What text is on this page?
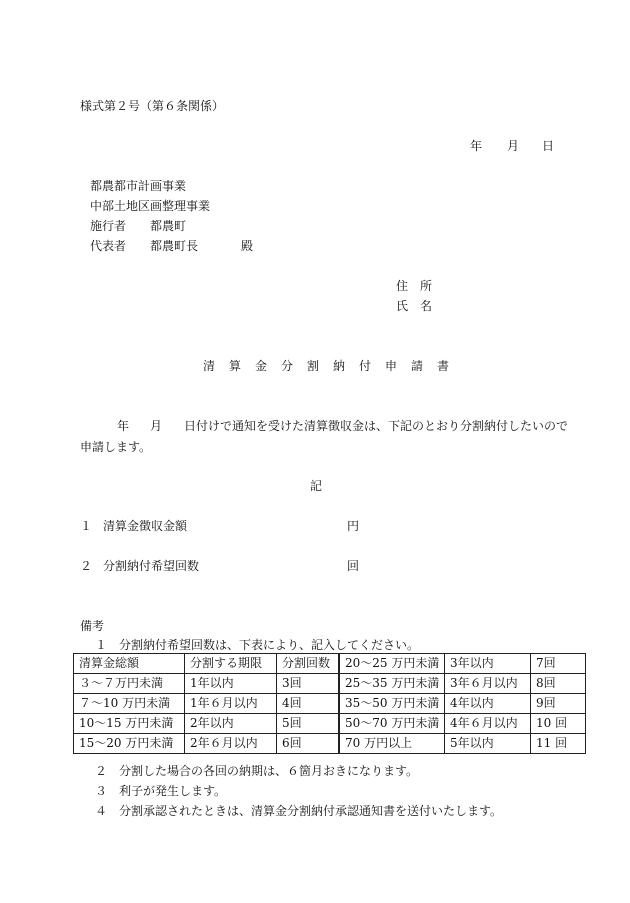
様式第２号（第６条関係）
年 月 日
都農都市計画事業
中部土地区画整理事業
施行者 都農町
代表者 都農町長	殿
住　所
氏　名
清算金分割納付申請書
年 月 日付けで通知を受けた清算徴収金は、下記のとおり分割納付したいので
申請します。
記
１ 清算金徴収金額	円
２ 分割納付希望回数	回
備考
１　分割納付希望回数は、下表により、記入してください。
清算金総額	分割する期限	分割回数	20～25 万円未満	3年以内	7回
３～７万円未満	1年以内	3回	25～35 万円未満	3年６月以内	8回
７～10 万円未満	1年６月以内	4回	35～50 万円未満	4年以内	9回
10～15 万円未満	2年以内	5回	50～70 万円未満	4年６月以内	10 回
15～20 万円未満	2年６月以内	6回	70 万円以上	5年以内	11 回
２　分割した場合の各回の納期は、６箇月おきになります。
３　利子が発生します。
４　分割承認されたときは、清算金分割納付承認通知書を送付いたします。
